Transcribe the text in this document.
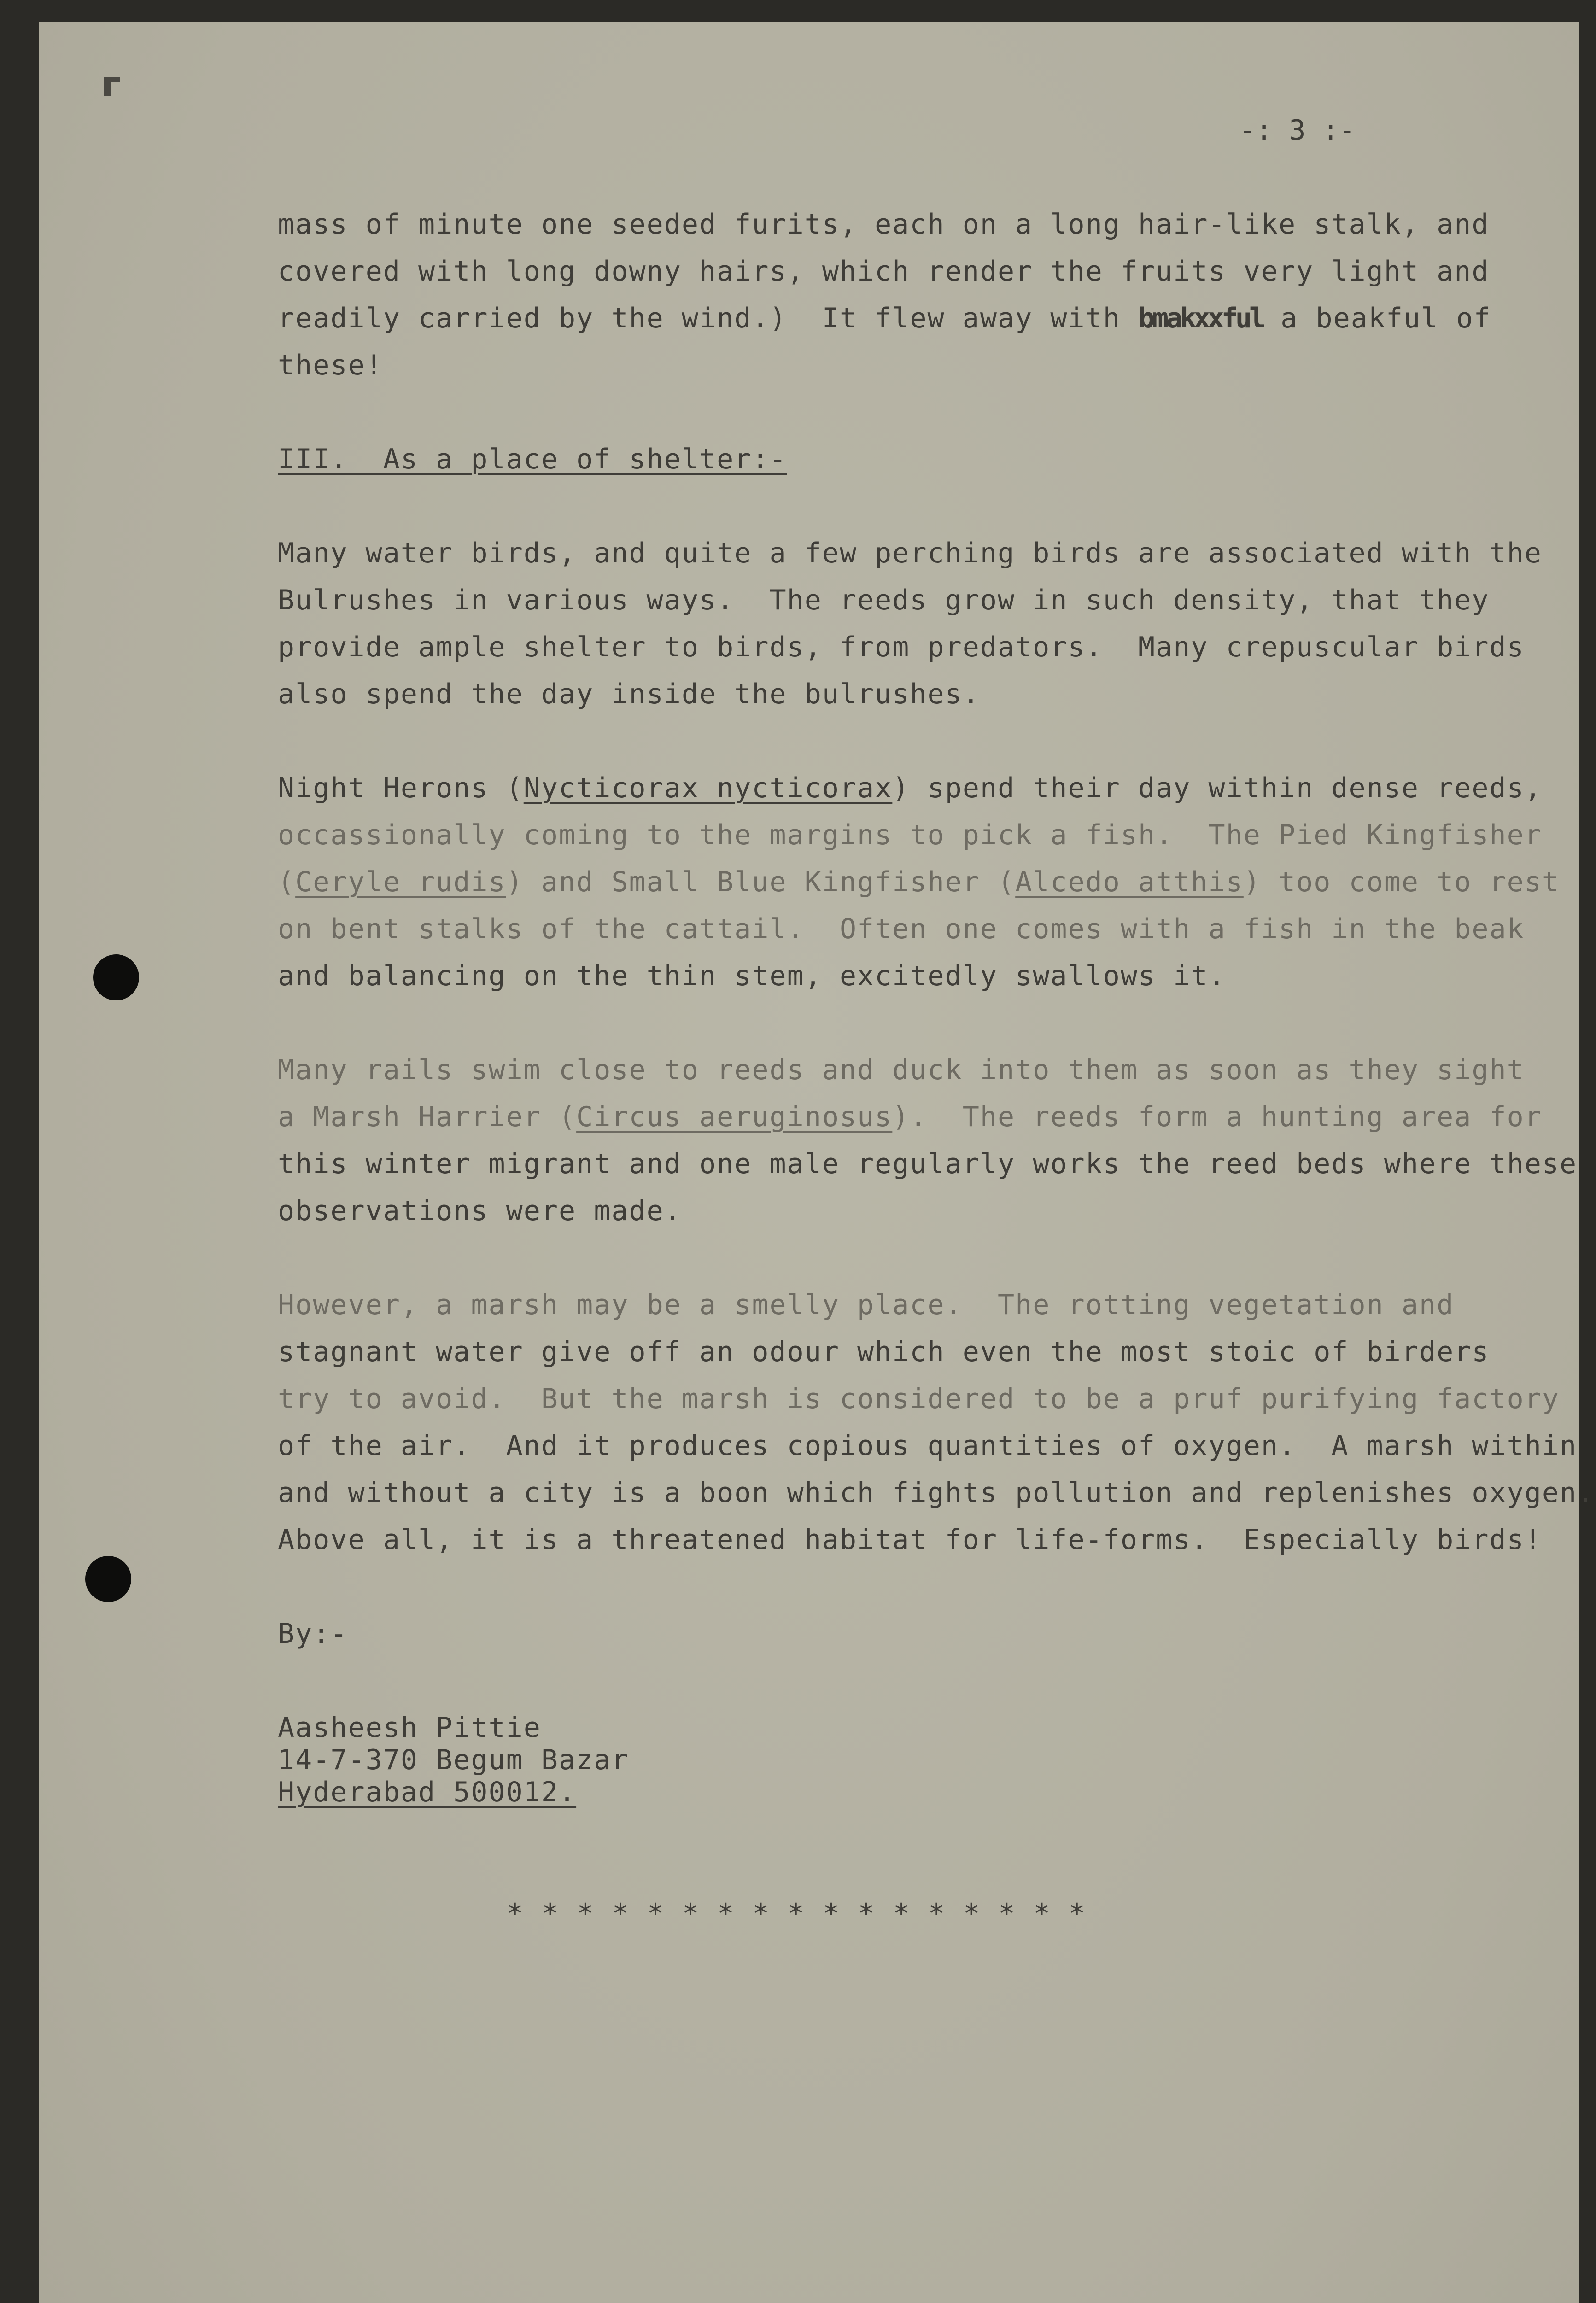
-: 3 :-
mass of minute one seeded furits, each on a long hair-like stalk, and
covered with long downy hairs, which render the fruits very light and
readily carried by the wind.)  It flew away with bmakxxful a beakful of
these!
III.  As a place of shelter:-
Many water birds, and quite a few perching birds are associated with the
Bulrushes in various ways.  The reeds grow in such density, that they
provide ample shelter to birds, from predators.  Many crepuscular birds
also spend the day inside the bulrushes.
Night Herons (Nycticorax nycticorax) spend their day within dense reeds,
occassionally coming to the margins to pick a fish.  The Pied Kingfisher
(Ceryle rudis) and Small Blue Kingfisher (Alcedo atthis) too come to rest
on bent stalks of the cattail.  Often one comes with a fish in the beak
and balancing on the thin stem, excitedly swallows it.
Many rails swim close to reeds and duck into them as soon as they sight
a Marsh Harrier (Circus aeruginosus).  The reeds form a hunting area for
this winter migrant and one male regularly works the reed beds where these
observations were made.
However, a marsh may be a smelly place.  The rotting vegetation and
stagnant water give off an odour which even the most stoic of birders
try to avoid.  But the marsh is considered to be a pruf purifying factory
of the air.  And it produces copious quantities of oxygen.  A marsh within
and without a city is a boon which fights pollution and replenishes oxygen.
Above all, it is a threatened habitat for life-forms.  Especially birds!
By:-
Aasheesh Pittie
14-7-370 Begum Bazar
Hyderabad 500012.
* * * * * * * * * * * * * * * * *
